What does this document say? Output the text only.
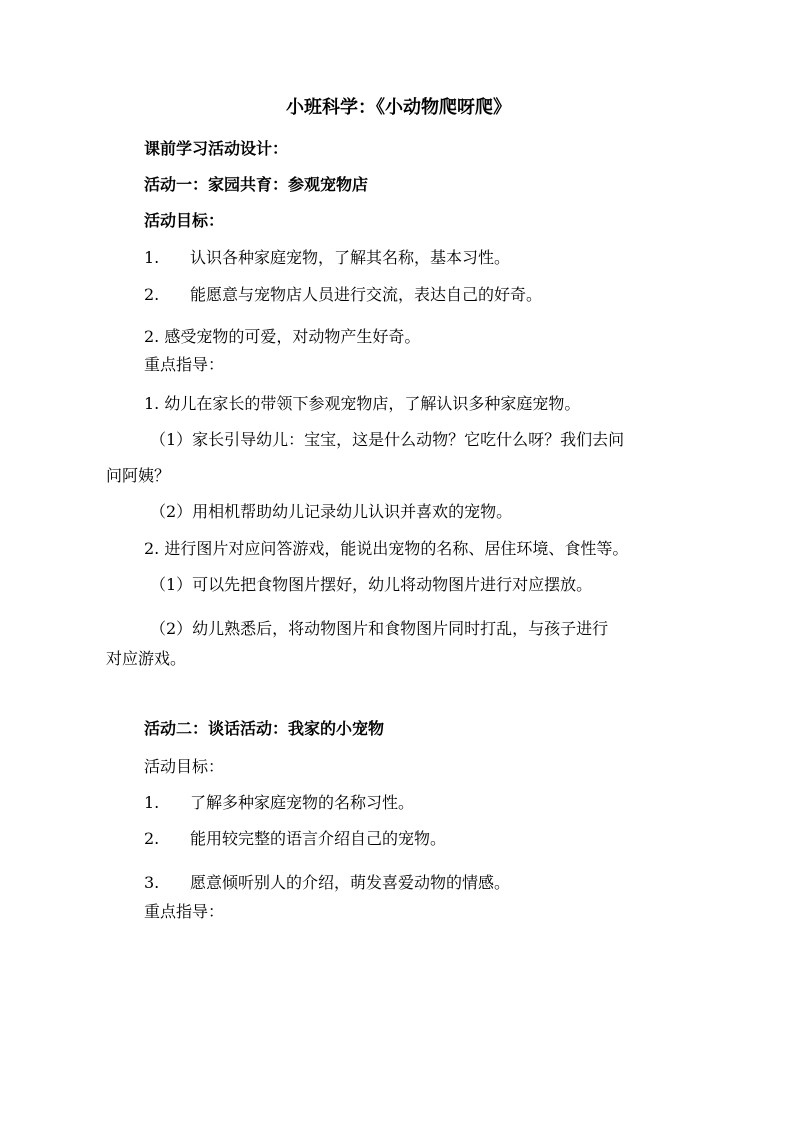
小班科学：《小动物爬呀爬》
课前学习活动设计：
活动一：家园共育：参观宠物店
活动目标：
1. 认识各种家庭宠物，了解其名称，基本习性。
2. 能愿意与宠物店人员进行交流，表达自己的好奇。
2. 感受宠物的可爱，对动物产生好奇。
重点指导：
1. 幼儿在家长的带领下参观宠物店，了解认识多种家庭宠物。
（1）家长引导幼儿：宝宝，这是什么动物？它吃什么呀？我们去问
问阿姨？
（2）用相机帮助幼儿记录幼儿认识并喜欢的宠物。
2. 进行图片对应问答游戏，能说出宠物的名称、居住环境、食性等。
（1）可以先把食物图片摆好，幼儿将动物图片进行对应摆放。
（2）幼儿熟悉后，将动物图片和食物图片同时打乱，与孩子进行
对应游戏。
活动二：谈话活动：我家的小宠物
活动目标：
1. 了解多种家庭宠物的名称习性。
2. 能用较完整的语言介绍自己的宠物。
3. 愿意倾听别人的介绍，萌发喜爱动物的情感。
重点指导：
